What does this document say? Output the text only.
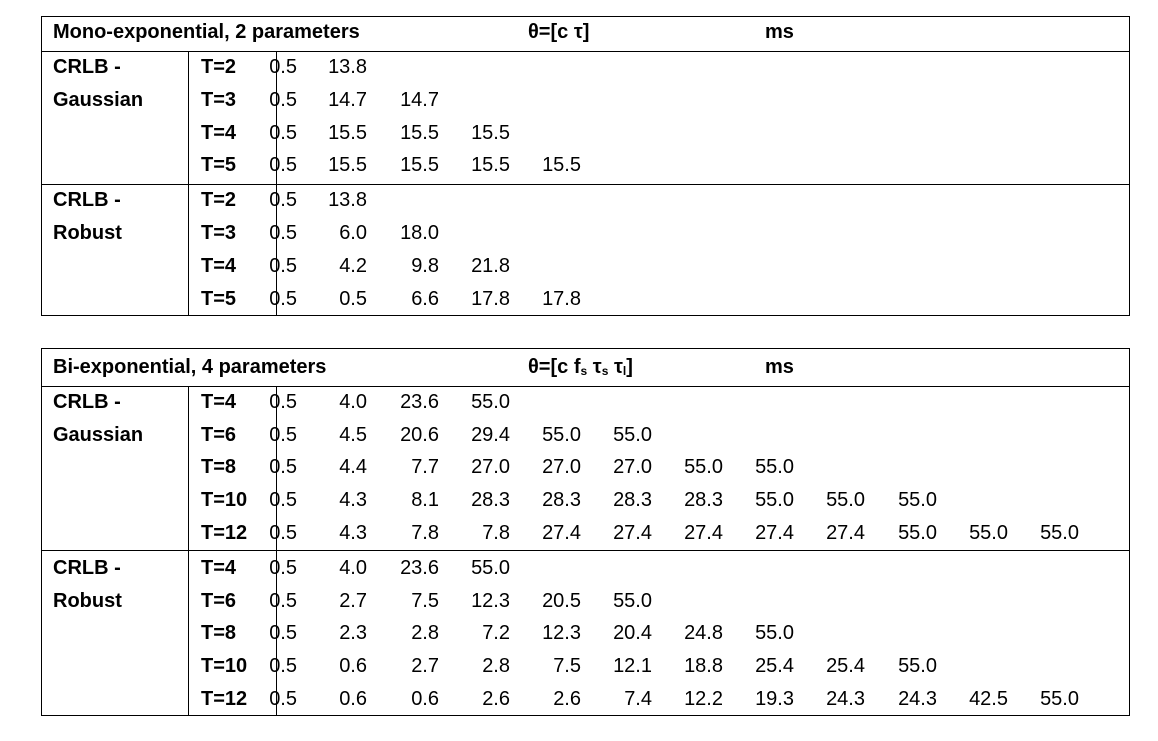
Mono-exponential, 2 parameters	θ=[c τ]	ms
CRLB -
Gaussian
T=2	0.5	13.8
T=3	0.5	14.7	14.7
T=4	0.5	15.5	15.5	15.5
T=5	0.5	15.5	15.5	15.5	15.5
CRLB -
Robust
T=2	0.5	13.8
T=3	0.5	6.0	18.0
T=4	0.5	4.2	9.8	21.8
T=5	0.5	0.5	6.6	17.8	17.8
Bi-exponential, 4 parameters	θ=[c $f_s$ $\tau_s$ $\tau_l$]	ms
CRLB -
Gaussian
T=4	0.5	4.0	23.6	55.0
T=6	0.5	4.5	20.6	29.4	55.0	55.0
T=8	0.5	4.4	7.7	27.0	27.0	27.0	55.0	55.0
T=10	0.5	4.3	8.1	28.3	28.3	28.3	28.3	55.0	55.0	55.0
T=12	0.5	4.3	7.8	7.8	27.4	27.4	27.4	27.4	27.4	55.0	55.0	55.0
CRLB -
Robust
T=4	0.5	4.0	23.6	55.0
T=6	0.5	2.7	7.5	12.3	20.5	55.0
T=8	0.5	2.3	2.8	7.2	12.3	20.4	24.8	55.0
T=10	0.5	0.6	2.7	2.8	7.5	12.1	18.8	25.4	25.4	55.0
T=12	0.5	0.6	0.6	2.6	2.6	7.4	12.2	19.3	24.3	24.3	42.5	55.0
